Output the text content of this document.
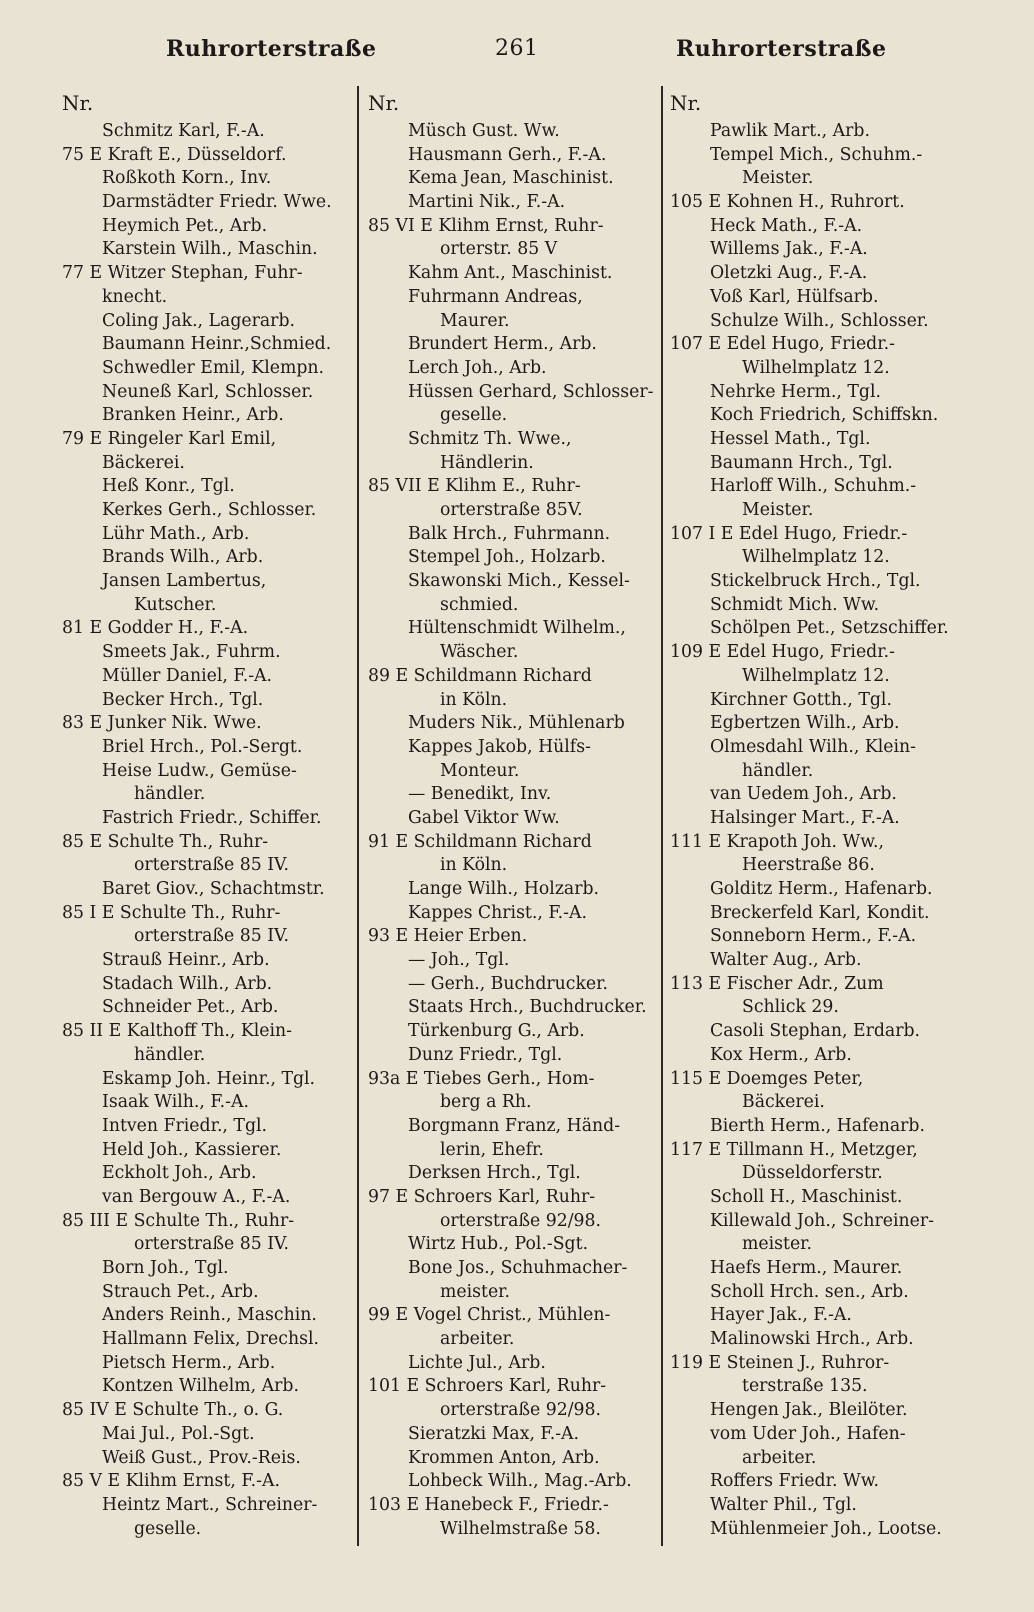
Ruhrorterstraße	261	Ruhrorterstraße
Nr.
Schmitz Karl, F.-A.
75 E Kraft E., Düsseldorf.
Roßkoth Korn., Inv.
Darmstädter Friedr. Wwe.
Heymich Pet., Arb.
Karstein Wilh., Maschin.
77 E Witzer Stephan, Fuhr-
knecht.
Coling Jak., Lagerarb.
Baumann Heinr.,Schmied.
Schwedler Emil, Klempn.
Neuneß Karl, Schlosser.
Branken Heinr., Arb.
79 E Ringeler Karl Emil,
Bäckerei.
Heß Konr., Tgl.
Kerkes Gerh., Schlosser.
Lühr Math., Arb.
Brands Wilh., Arb.
Jansen Lambertus,
Kutscher.
81 E Godder H., F.-A.
Smeets Jak., Fuhrm.
Müller Daniel, F.-A.
Becker Hrch., Tgl.
83 E Junker Nik. Wwe.
Briel Hrch., Pol.-Sergt.
Heise Ludw., Gemüse-
händler.
Fastrich Friedr., Schiffer.
85 E Schulte Th., Ruhr-
orterstraße 85 IV.
Baret Giov., Schachtmstr.
85 I E Schulte Th., Ruhr-
orterstraße 85 IV.
Strauß Heinr., Arb.
Stadach Wilh., Arb.
Schneider Pet., Arb.
85 II E Kalthoff Th., Klein-
händler.
Eskamp Joh. Heinr., Tgl.
Isaak Wilh., F.-A.
Intven Friedr., Tgl.
Held Joh., Kassierer.
Eckholt Joh., Arb.
van Bergouw A., F.-A.
85 III E Schulte Th., Ruhr-
orterstraße 85 IV.
Born Joh., Tgl.
Strauch Pet., Arb.
Anders Reinh., Maschin.
Hallmann Felix, Drechsl.
Pietsch Herm., Arb.
Kontzen Wilhelm, Arb.
85 IV E Schulte Th., o. G.
Mai Jul., Pol.-Sgt.
Weiß Gust., Prov.-Reis.
85 V E Klihm Ernst, F.-A.
Heintz Mart., Schreiner-
geselle.
Nr.
Müsch Gust. Ww.
Hausmann Gerh., F.-A.
Kema Jean, Maschinist.
Martini Nik., F.-A.
85 VI E Klihm Ernst, Ruhr-
orterstr. 85 V
Kahm Ant., Maschinist.
Fuhrmann Andreas,
Maurer.
Brundert Herm., Arb.
Lerch Joh., Arb.
Hüssen Gerhard, Schlosser-
geselle.
Schmitz Th. Wwe.,
Händlerin.
85 VII E Klihm E., Ruhr-
orterstraße 85V.
Balk Hrch., Fuhrmann.
Stempel Joh., Holzarb.
Skawonski Mich., Kessel-
schmied.
Hültenschmidt Wilhelm.,
Wäscher.
89 E Schildmann Richard
in Köln.
Muders Nik., Mühlenarb
Kappes Jakob, Hülfs-
Monteur.
— Benedikt, Inv.
Gabel Viktor Ww.
91 E Schildmann Richard
in Köln.
Lange Wilh., Holzarb.
Kappes Christ., F.-A.
93 E Heier Erben.
— Joh., Tgl.
— Gerh., Buchdrucker.
Staats Hrch., Buchdrucker.
Türkenburg G., Arb.
Dunz Friedr., Tgl.
93a E Tiebes Gerh., Hom-
berg a Rh.
Borgmann Franz, Händ-
lerin, Ehefr.
Derksen Hrch., Tgl.
97 E Schroers Karl, Ruhr-
orterstraße 92/98.
Wirtz Hub., Pol.-Sgt.
Bone Jos., Schuhmacher-
meister.
99 E Vogel Christ., Mühlen-
arbeiter.
Lichte Jul., Arb.
101 E Schroers Karl, Ruhr-
orterstraße 92/98.
Sieratzki Max, F.-A.
Krommen Anton, Arb.
Lohbeck Wilh., Mag.-Arb.
103 E Hanebeck F., Friedr.-
Wilhelmstraße 58.
Nr.
Pawlik Mart., Arb.
Tempel Mich., Schuhm.-
Meister.
105 E Kohnen H., Ruhrort.
Heck Math., F.-A.
Willems Jak., F.-A.
Oletzki Aug., F.-A.
Voß Karl, Hülfsarb.
Schulze Wilh., Schlosser.
107 E Edel Hugo, Friedr.-
Wilhelmplatz 12.
Nehrke Herm., Tgl.
Koch Friedrich, Schiffskn.
Hessel Math., Tgl.
Baumann Hrch., Tgl.
Harloff Wilh., Schuhm.-
Meister.
107 I E Edel Hugo, Friedr.-
Wilhelmplatz 12.
Stickelbruck Hrch., Tgl.
Schmidt Mich. Ww.
Schölpen Pet., Setzschiffer.
109 E Edel Hugo, Friedr.-
Wilhelmplatz 12.
Kirchner Gotth., Tgl.
Egbertzen Wilh., Arb.
Olmesdahl Wilh., Klein-
händler.
van Uedem Joh., Arb.
Halsinger Mart., F.-A.
111 E Krapoth Joh. Ww.,
Heerstraße 86.
Golditz Herm., Hafenarb.
Breckerfeld Karl, Kondit.
Sonneborn Herm., F.-A.
Walter Aug., Arb.
113 E Fischer Adr., Zum
Schlick 29.
Casoli Stephan, Erdarb.
Kox Herm., Arb.
115 E Doemges Peter,
Bäckerei.
Bierth Herm., Hafenarb.
117 E Tillmann H., Metzger,
Düsseldorferstr.
Scholl H., Maschinist.
Killewald Joh., Schreiner-
meister.
Haefs Herm., Maurer.
Scholl Hrch. sen., Arb.
Hayer Jak., F.-A.
Malinowski Hrch., Arb.
119 E Steinen J., Ruhror-
terstraße 135.
Hengen Jak., Bleilöter.
vom Uder Joh., Hafen-
arbeiter.
Roffers Friedr. Ww.
Walter Phil., Tgl.
Mühlenmeier Joh., Lootse.
